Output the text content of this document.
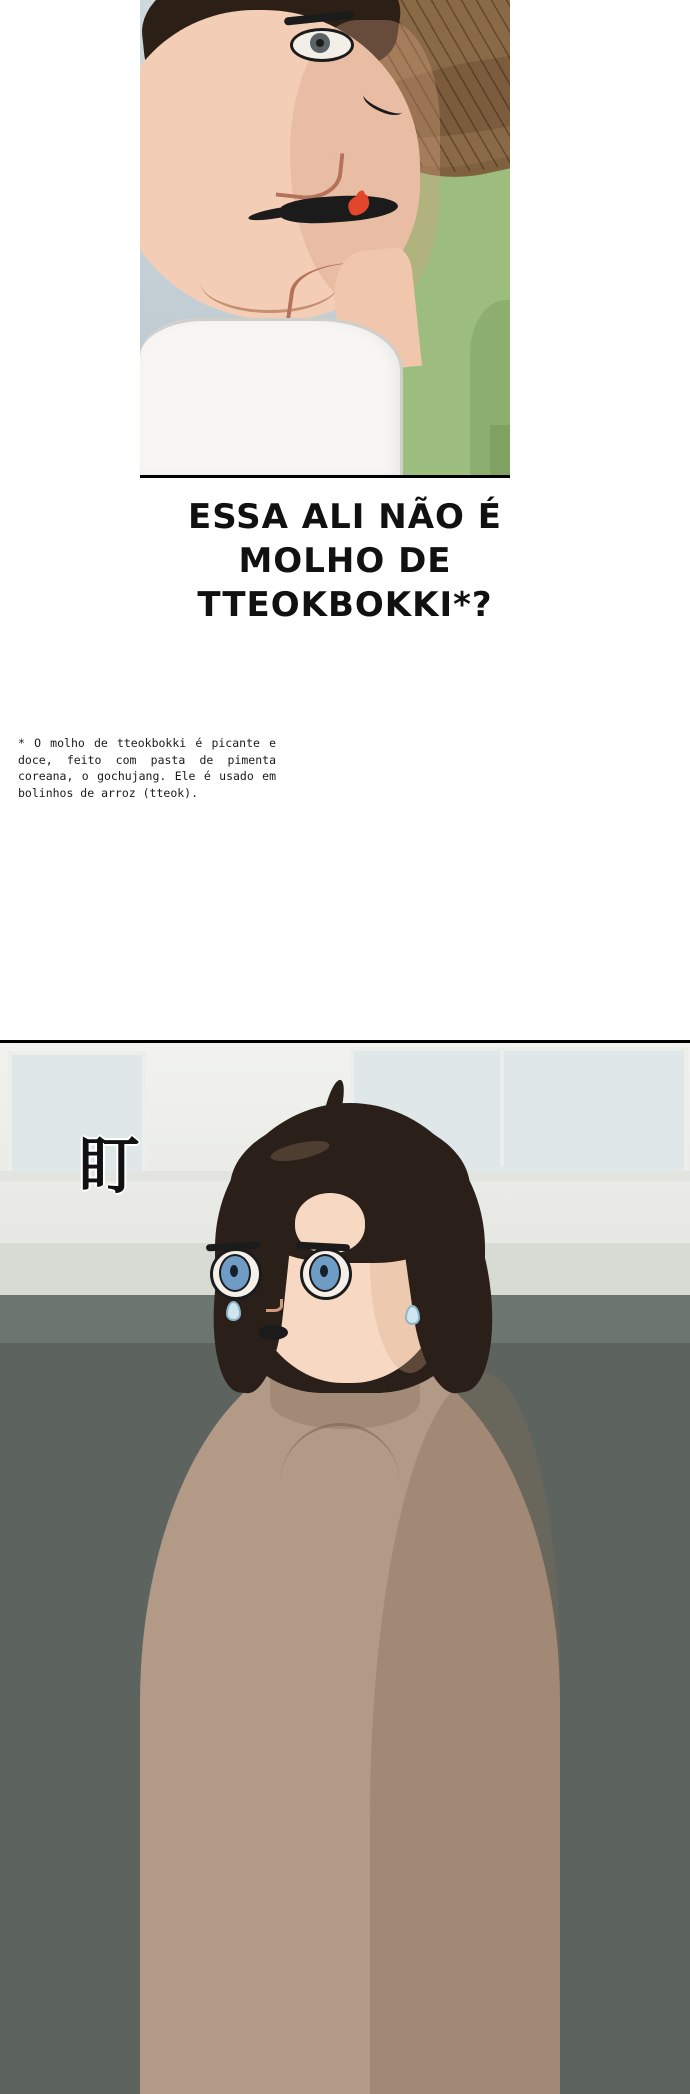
ESSA ALI NÃO É
MOLHO DE
TTEOKBOKKI*?
* O molho de tteokbokki é picante e doce, feito com pasta de pimenta coreana, o gochujang. Ele é usado em bolinhos de arroz (tteok).
盯
